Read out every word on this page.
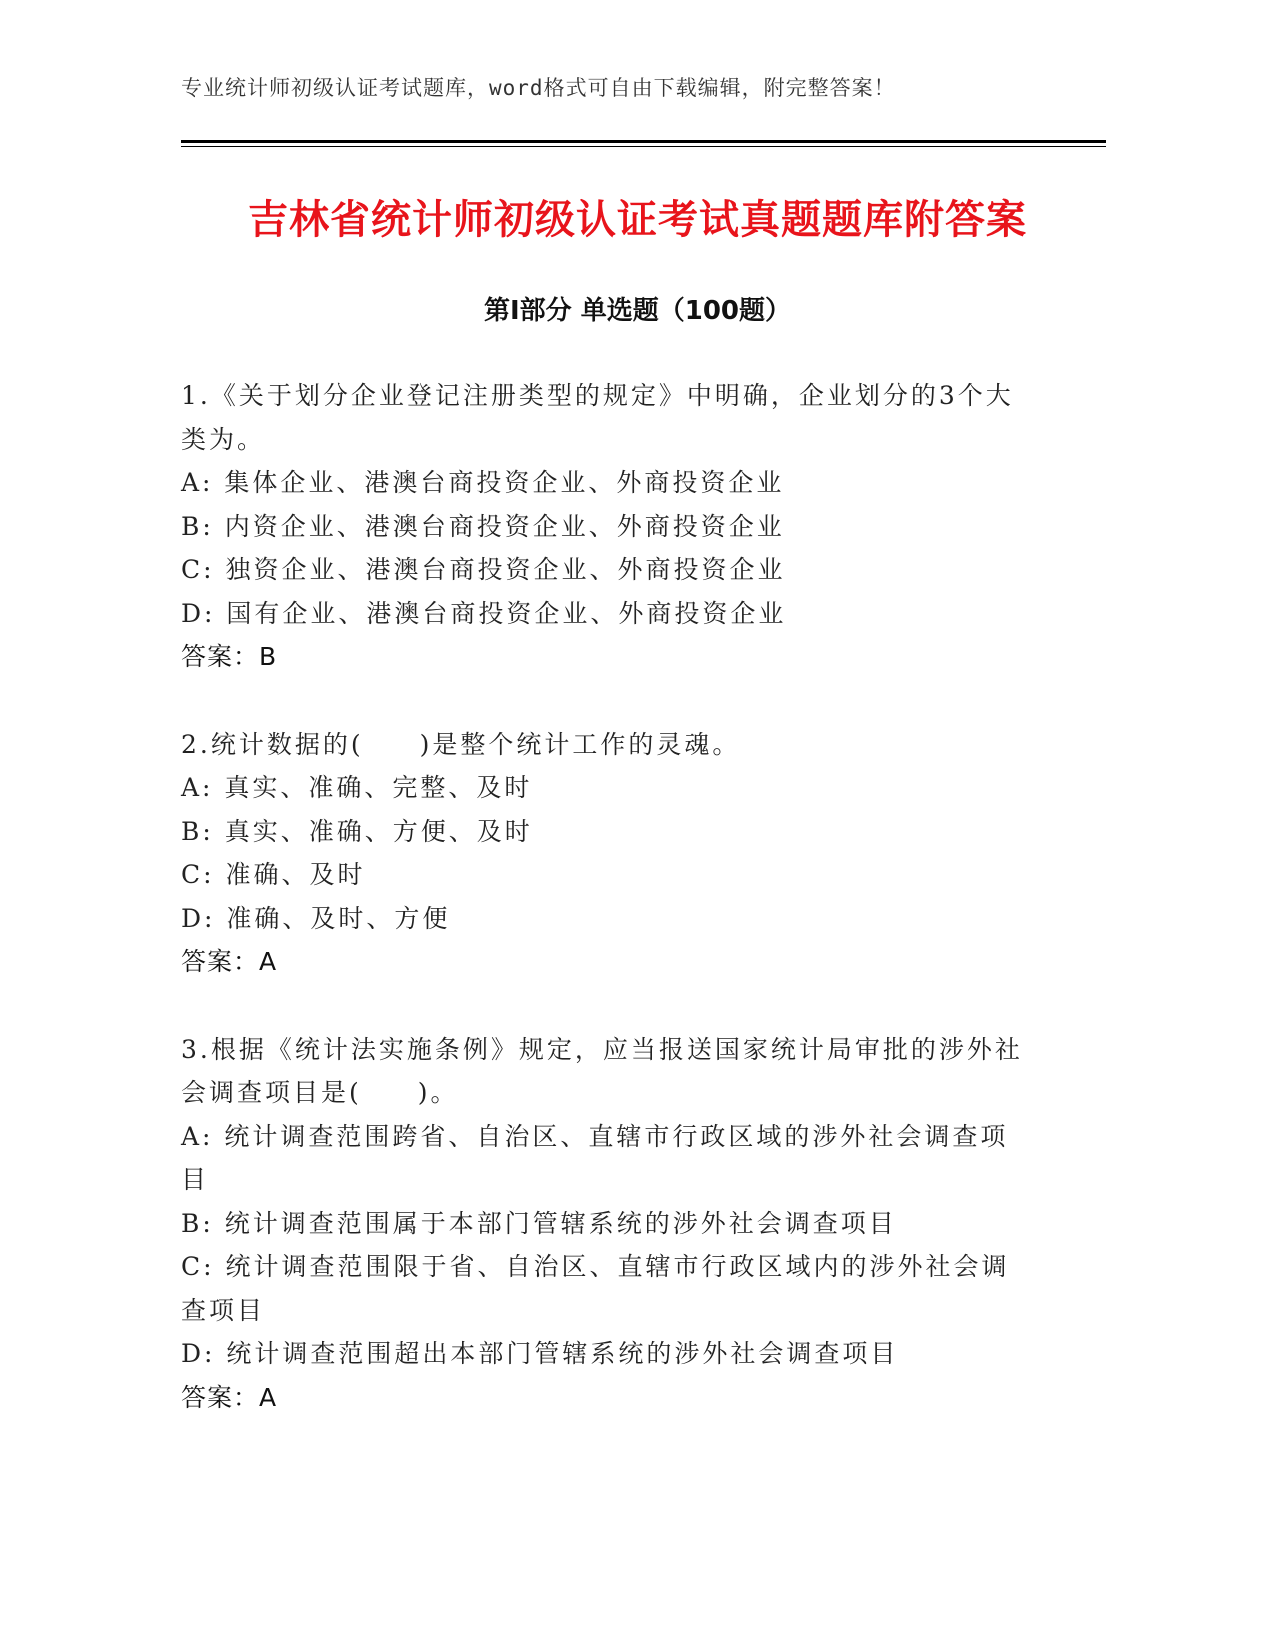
专业统计师初级认证考试题库，word格式可自由下载编辑，附完整答案！
吉林省统计师初级认证考试真题题库附答案
第Ⅰ部分 单选题（100题）
1.《关于划分企业登记注册类型的规定》中明确，企业划分的3个大类为。
A: 集体企业、港澳台商投资企业、外商投资企业
B: 内资企业、港澳台商投资企业、外商投资企业
C: 独资企业、港澳台商投资企业、外商投资企业
D: 国有企业、港澳台商投资企业、外商投资企业
答案：B
2.统计数据的(　　)是整个统计工作的灵魂。
A: 真实、准确、完整、及时
B: 真实、准确、方便、及时
C: 准确、及时
D: 准确、及时、方便
答案：A
3.根据《统计法实施条例》规定，应当报送国家统计局审批的涉外社会调查项目是(　　)。
A: 统计调查范围跨省、自治区、直辖市行政区域的涉外社会调查项目
B: 统计调查范围属于本部门管辖系统的涉外社会调查项目
C: 统计调查范围限于省、自治区、直辖市行政区域内的涉外社会调查项目
D: 统计调查范围超出本部门管辖系统的涉外社会调查项目
答案：A
